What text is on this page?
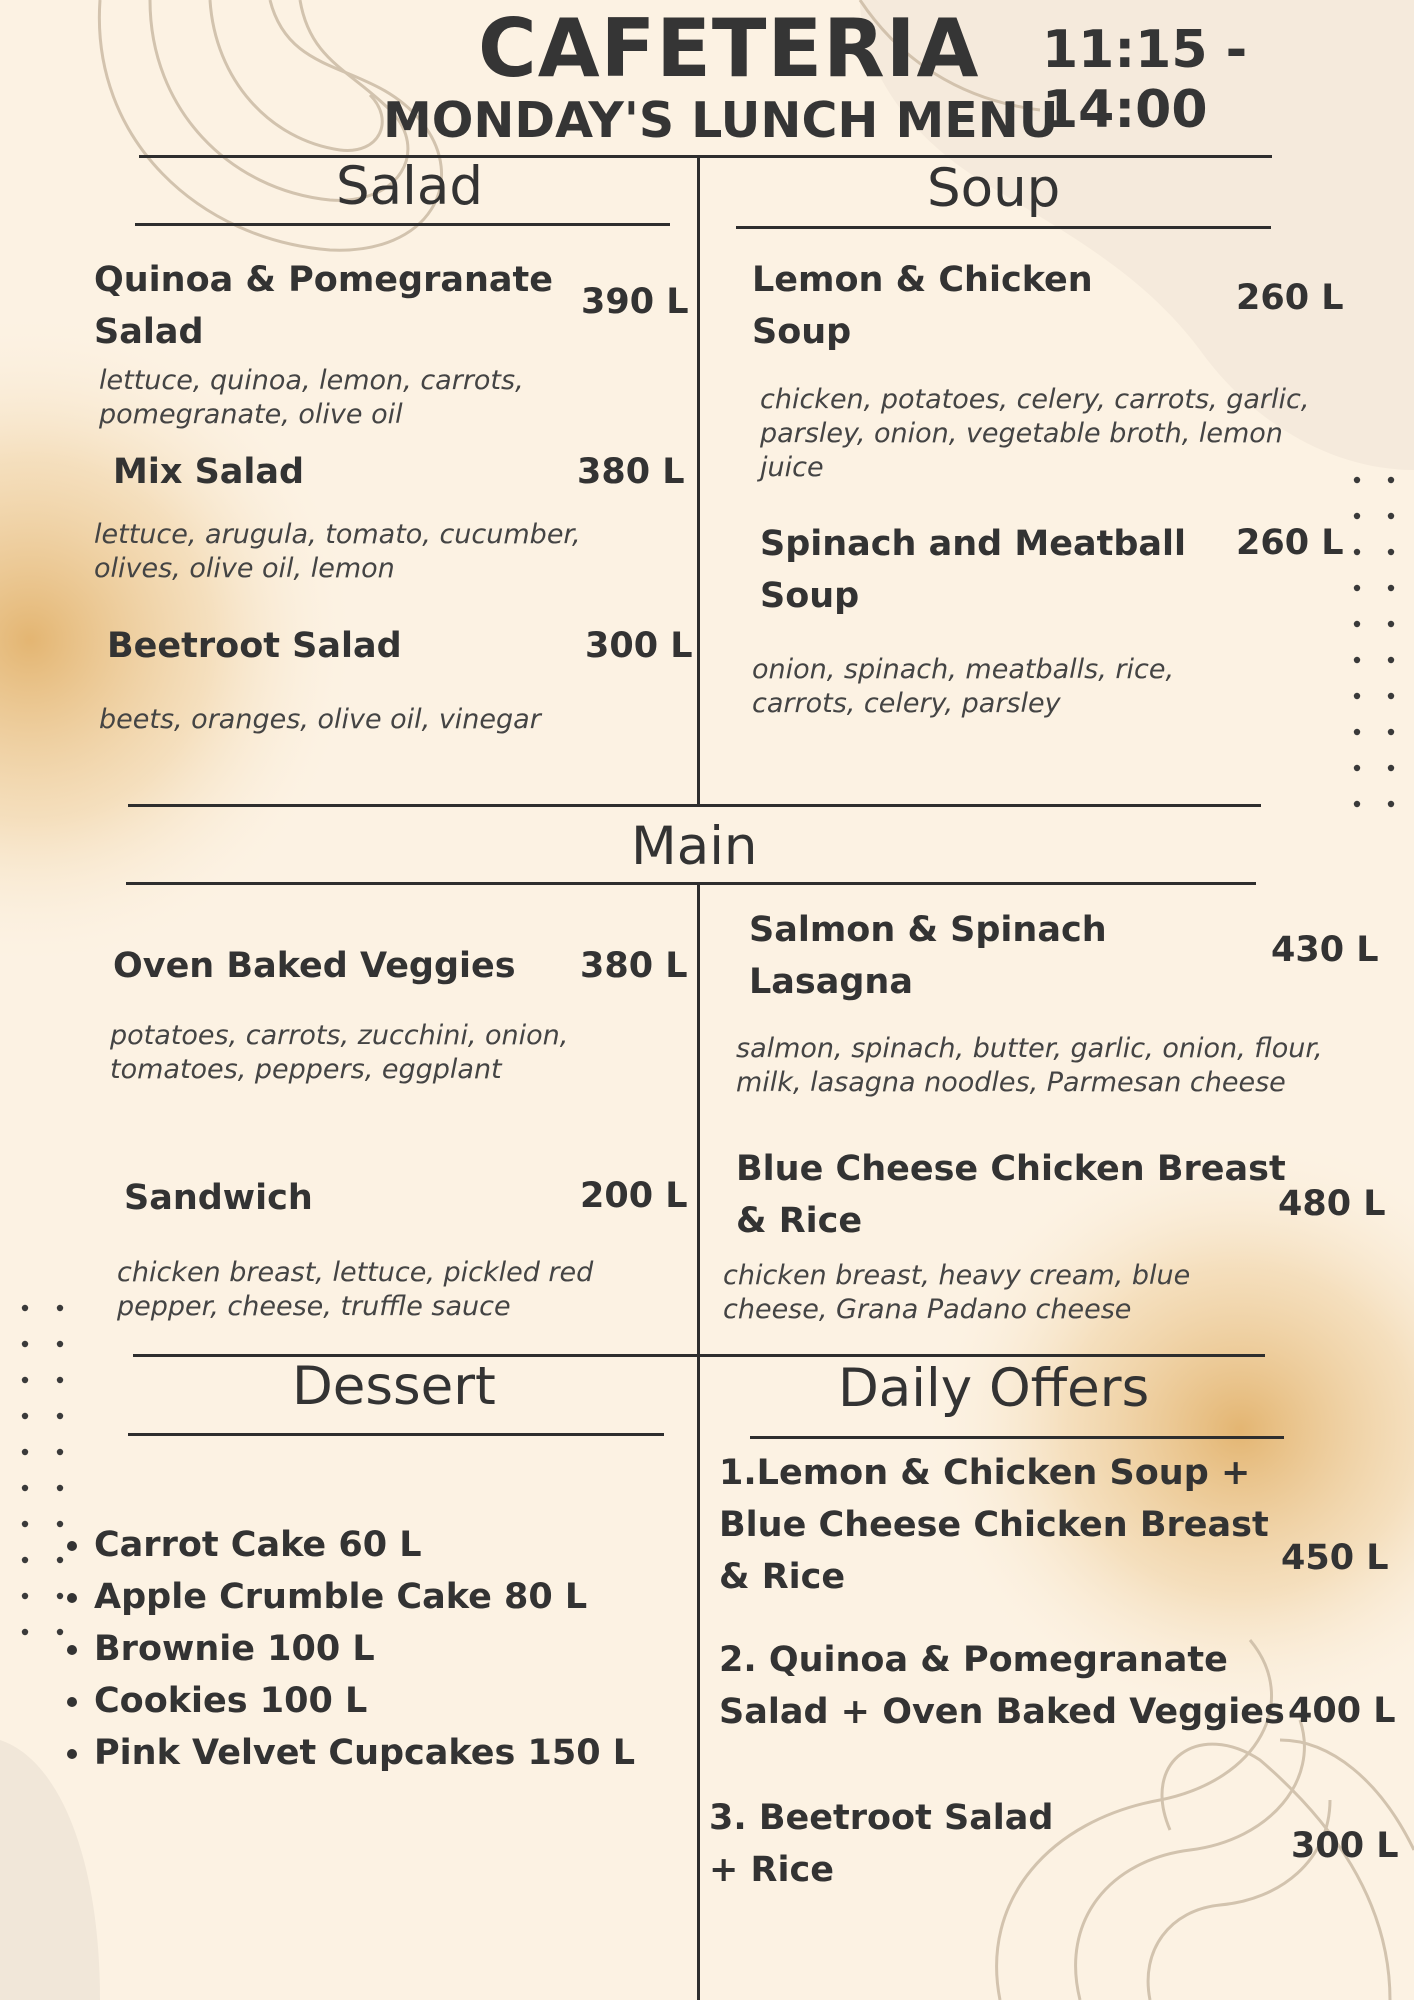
CAFETERIA 11:15 - 14:00
MONDAY'S LUNCH MENU
Salad	Soup
Main
Dessert	Daily Offers
Quinoa & Pomegranate Salad
390 L
lettuce, quinoa, lemon, carrots, pomegranate, olive oil
Mix Salad	380 L
lettuce, arugula, tomato, cucumber, olives, olive oil, lemon
Beetroot Salad	300 L
beets, oranges, olive oil, vinegar
Lemon & Chicken Soup
260 L
chicken, potatoes, celery, carrots, garlic, parsley, onion, vegetable broth, lemon juice
Spinach and Meatball Soup
260 L
onion, spinach, meatballs, rice, carrots, celery, parsley
Oven Baked Veggies	380 L
potatoes, carrots, zucchini, onion, tomatoes, peppers, eggplant
Salmon & Spinach Lasagna
430 L
salmon, spinach, butter, garlic, onion, flour, milk, lasagna noodles, Parmesan cheese
Sandwich	200 L
chicken breast, lettuce, pickled red pepper, cheese, truffle sauce
Blue Cheese Chicken Breast & Rice	480 L
chicken breast, heavy cream, blue cheese, Grana Padano cheese
• Carrot Cake 60 L
• Apple Crumble Cake 80 L
• Brownie 100 L
• Cookies 100 L
• Pink Velvet Cupcakes 150 L
1.Lemon & Chicken Soup + Blue Cheese Chicken Breast & Rice	450 L
2. Quinoa & Pomegranate Salad + Oven Baked Veggies 400 L
3. Beetroot Salad + Rice
300 L
